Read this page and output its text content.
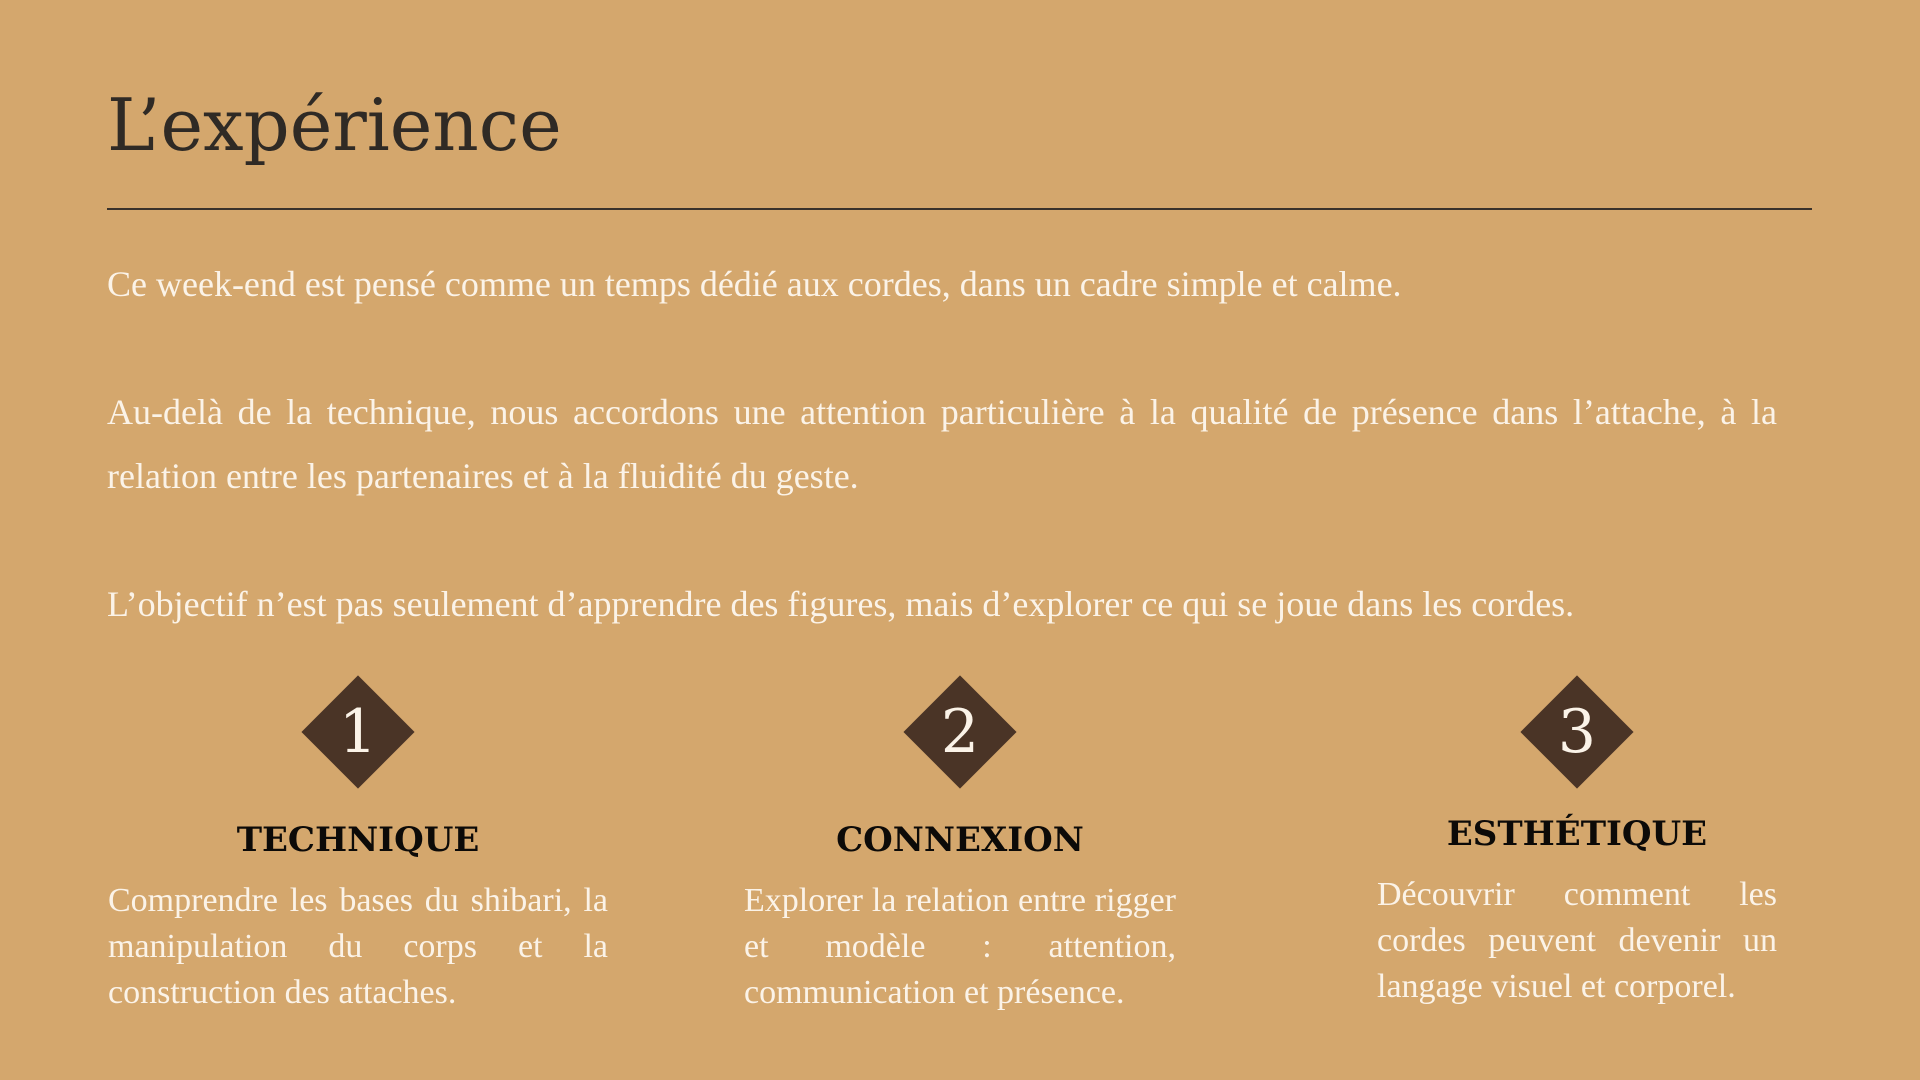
L’expérience

Ce week-end est pensé comme un temps dédié aux cordes, dans un cadre simple et calme.

Au-delà de la technique, nous accordons une attention particulière à la qualité de présence dans l’attache, à la relation entre les partenaires et à la fluidité du geste.

L’objectif n’est pas seulement d’apprendre des figures, mais d’explorer ce qui se joue dans les cordes.

1
TECHNIQUE

Comprendre les bases du shibari, la manipulation du corps et la construction des attaches.

2
CONNEXION

Explorer la relation entre rigger et modèle : attention, communication et présence.

3
ESTHÉTIQUE

Découvrir comment les cordes peuvent devenir un langage visuel et corporel.
